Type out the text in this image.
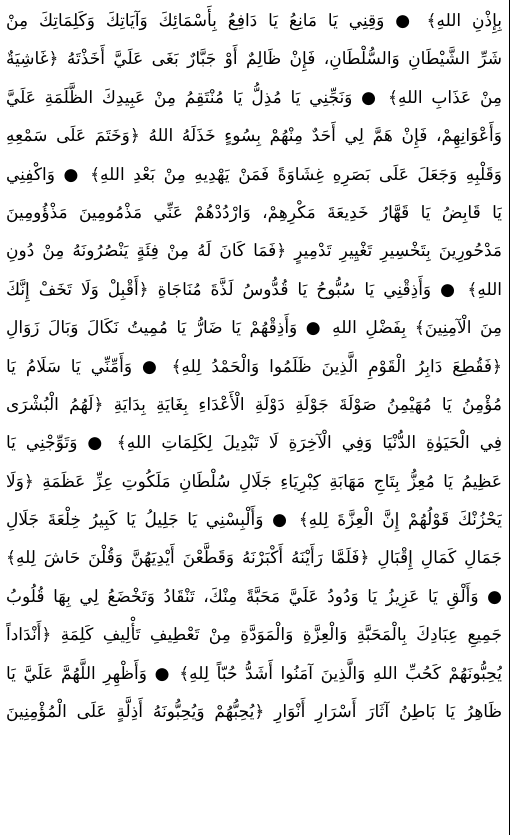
بِإِذْنِ اللهِ﴾ ● وَقِنِي يَا مَانِعُ يَا دَافِعُ بِأَسْمَائِكَ وَآيَاتِكَ وَكَلِمَاتِكَ مِنْ
شَرِّ الشَّيْطَانِ وَالسُّلْطَانِ، فَإِنْ ظَالِمٌ أَوْ جَبَّارٌ بَغَى عَلَيَّ أَخَذْتَهُ ﴿غَاشِيَةٌ
مِنْ عَذَابِ اللهِ﴾ ● وَنَجِّنِي يَا مُذِلُّ يَا مُنْتَقِمُ مِنْ عَبِيدِكَ الظَّلَمَةِ عَلَيَّ
وَأَعْوَانِهِمْ، فَإِنْ هَمَّ لِي أَحَدٌ مِنْهُمْ بِسُوءٍ خَذَلَهُ اللهُ ﴿وَخَتَمَ عَلَى سَمْعِهِ
وَقَلْبِهِ وَجَعَلَ عَلَى بَصَرِهِ غِشَاوَةً فَمَنْ يَهْدِيهِ مِنْ بَعْدِ اللهِ﴾ ● وَاكْفِنِي
يَا قَابِضُ يَا قَهَّارُ خَدِيعَةَ مَكْرِهِمْ، وَارْدُدْهُمْ عَنِّي مَذْمُومِينَ مَذْؤُومِينَ
مَدْحُورِينَ بِتَخْسِيرِ تَغْيِيرِ تَدْمِيرٍ ﴿فَمَا كَانَ لَهُ مِنْ فِئَةٍ يَنْصُرُونَهُ مِنْ دُونِ
اللهِ﴾ ● وَأَذِقْنِي يَا سُبُّوحُ يَا قُدُّوسُ لَذَّةَ مُنَاجَاةِ ﴿أَقْبِلْ وَلَا تَخَفْ إِنَّكَ
مِنَ الْآمِنِينَ﴾ بِفَضْلِ اللهِ ● وَأَذِقْهُمْ يَا ضَارُّ يَا مُمِيتُ نَكَالَ وَبَالَ زَوَالِ
﴿فَقُطِعَ دَابِرُ الْقَوْمِ الَّذِينَ ظَلَمُوا وَالْحَمْدُ لِلهِ﴾ ● وَأَمِّنِّي يَا سَلَامُ يَا
مُؤْمِنُ يَا مُهَيْمِنُ صَوْلَةَ جَوْلَةِ دَوْلَةِ الْأَعْدَاءِ بِغَايَةِ بِدَايَةِ ﴿لَهُمُ الْبُشْرَى
فِي الْحَيَوٰةِ الدُّنْيَا وَفِي الْآخِرَةِ لَا تَبْدِيلَ لِكَلِمَاتِ اللهِ﴾ ● وَتَوِّجْنِي يَا
عَظِيمُ يَا مُعِزُّ بِتَاجِ مَهَابَةِ كِبْرِيَاءِ جَلَالِ سُلْطَانِ مَلَكُوتِ عِزِّ عَظَمَةِ ﴿وَلَا
يَحْزُنْكَ قَوْلُهُمْ إِنَّ الْعِزَّةَ لِلهِ﴾ ● وَأَلْبِسْنِي يَا جَلِيلُ يَا كَبِيرُ خِلْعَةَ جَلَالِ
جَمَالِ كَمَالِ إِقْبَالِ ﴿فَلَمَّا رَأَيْنَهُ أَكْبَرْنَهُ وَقَطَّعْنَ أَيْدِيَهُنَّ وَقُلْنَ حَاشَ لِلهِ﴾
● وَأَلْقِ يَا عَزِيزُ يَا وَدُودُ عَلَيَّ مَحَبَّةً مِنْكَ، تَنْقَادُ وَتَخْضَعُ لِي بِهَا قُلُوبُ
جَمِيعِ عِبَادِكَ بِالْمَحَبَّةِ وَالْعِزَّةِ وَالْمَوَدَّةِ مِنْ تَعْطِيفِ تَأْلِيفِ كَلِمَةِ ﴿أَنْدَاداً
يُحِبُّونَهُمْ كَحُبِّ اللهِ وَالَّذِينَ آمَنُوا أَشَدُّ حُبّاً لِلهِ﴾ ● وَأَظْهِرِ اللَّهُمَّ عَلَيَّ يَا
ظَاهِرُ يَا بَاطِنُ آثَارَ أَسْرَارِ أَنْوَارِ ﴿يُحِبُّهُمْ وَيُحِبُّونَهُ أَذِلَّةٍ عَلَى الْمُؤْمِنِينَ
